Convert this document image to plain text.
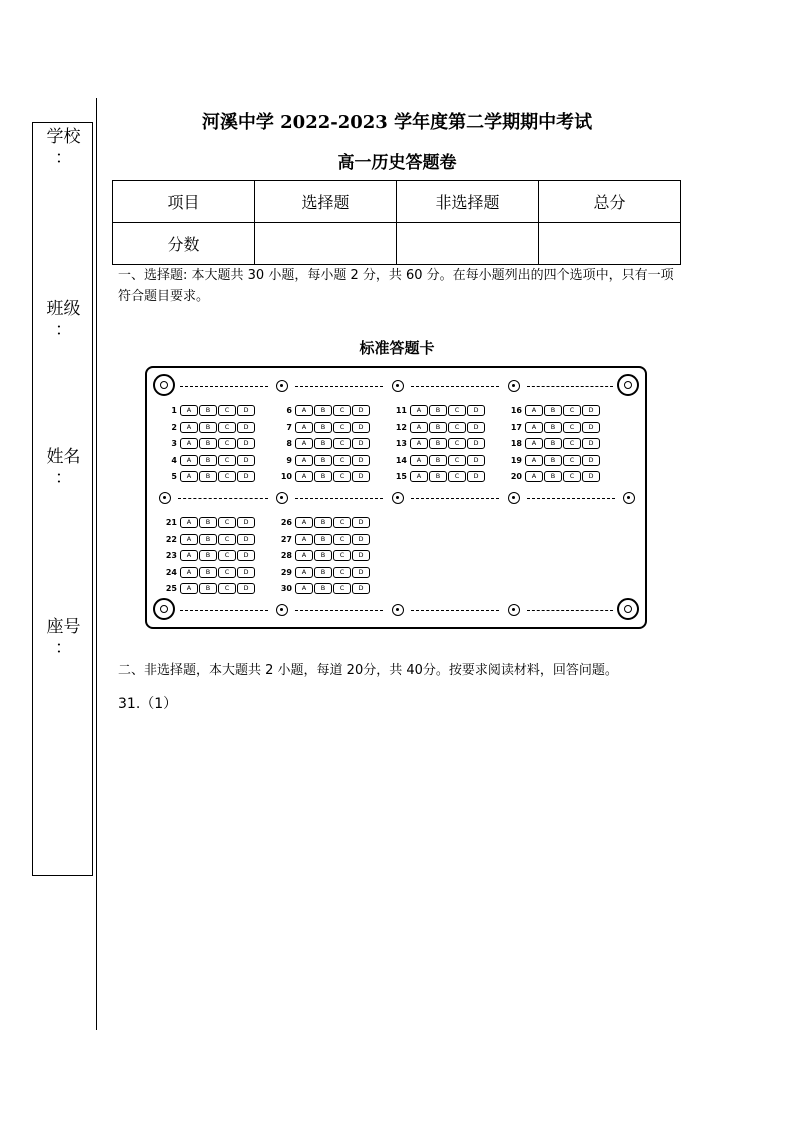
学校
：
班级
：
姓名
：
座号
：
河溪中学 2022-2023 学年度第二学期期中考试
高一历史答题卷
项目	选择题	非选择题	总分
分数			
一、选择题: 本大题共 30 小题，每小题 2 分，共 60 分。在每小题列出的四个选项中，只有一项符合题目要求。
标准答题卡
1	A	B	C	D
2	A	B	C	D
3	A	B	C	D
4	A	B	C	D
5	A	B	C	D
6	A	B	C	D
7	A	B	C	D
8	A	B	C	D
9	A	B	C	D
10	A	B	C	D
11	A	B	C	D
12	A	B	C	D
13	A	B	C	D
14	A	B	C	D
15	A	B	C	D
16	A	B	C	D
17	A	B	C	D
18	A	B	C	D
19	A	B	C	D
20	A	B	C	D
21	A	B	C	D
22	A	B	C	D
23	A	B	C	D
24	A	B	C	D
25	A	B	C	D
26	A	B	C	D
27	A	B	C	D
28	A	B	C	D
29	A	B	C	D
30	A	B	C	D
二、非选择题，本大题共 2 小题，每道 20分，共 40分。按要求阅读材料，回答问题。
31.（1）
